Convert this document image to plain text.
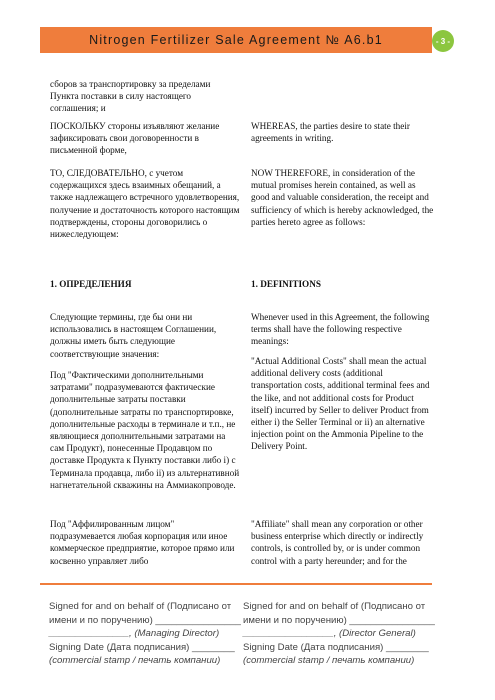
Nitrogen Fertilizer Sale Agreement № A6.b1	- 3 -

сборов за транспортировку за пределами Пункта поставки в силу настоящего соглашения; и

ПОСКОЛЬКУ стороны изъявляют желание зафиксировать свои договоренности в письменной форме,

ТО, СЛЕДОВАТЕЛЬНО, с учетом содержащихся здесь взаимных обещаний, а также надлежащего встречного удовлетворения, получение и достаточность которого настоящим подтверждены, стороны договорились о нижеследующем:

1. ОПРЕДЕЛЕНИЯ

Следующие термины, где бы они ни использовались в настоящем Соглашении, должны иметь быть следующие соответствующие значения:

Под "Фактическими дополнительными затратами" подразумеваются фактические дополнительные затраты поставки (дополнительные затраты по транспортировке, дополнительные расходы в терминале и т.п., не являющиеся дополнительными затратами на сам Продукт), понесенные Продавцом по доставке Продукта к Пункту поставки либо i) с Терминала продавца, либо ii) из альтернативной нагнетательной скважины на Аммиакопроводе.

Под "Аффилированным лицом" подразумевается любая корпорация или иное коммерческое предприятие, которое прямо или косвенно управляет либо

WHEREAS, the parties desire to state their agreements in writing.

NOW THEREFORE, in consideration of the mutual promises herein contained, as well as good and valuable consideration, the receipt and sufficiency of which is hereby acknowledged, the parties hereto agree as follows:

1. DEFINITIONS

Whenever used in this Agreement, the following terms shall have the following respective meanings:

"Actual Additional Costs" shall mean the actual additional delivery costs (additional transportation costs, additional terminal fees and the like, and not additional costs for Product itself) incurred by Seller to deliver Product from either i) the Seller Terminal or ii) an alternative injection point on the Ammonia Pipeline to the Delivery Point.

"Affiliate" shall mean any corporation or other business enterprise which directly or indirectly controls, is controlled by, or is under common control with a party hereunder; and for the

Signed for and on behalf of (Подписано от
имени и по поручению) ________________
_______________, (Managing Director)
Signing Date (Дата подписания) ________
(commercial stamp / печать компании)
Signed for and on behalf of (Подписано от
имени и по поручению) ________________
_________________, (Director General)
Signing Date (Дата подписания) ________
(commercial stamp / печать компании)
